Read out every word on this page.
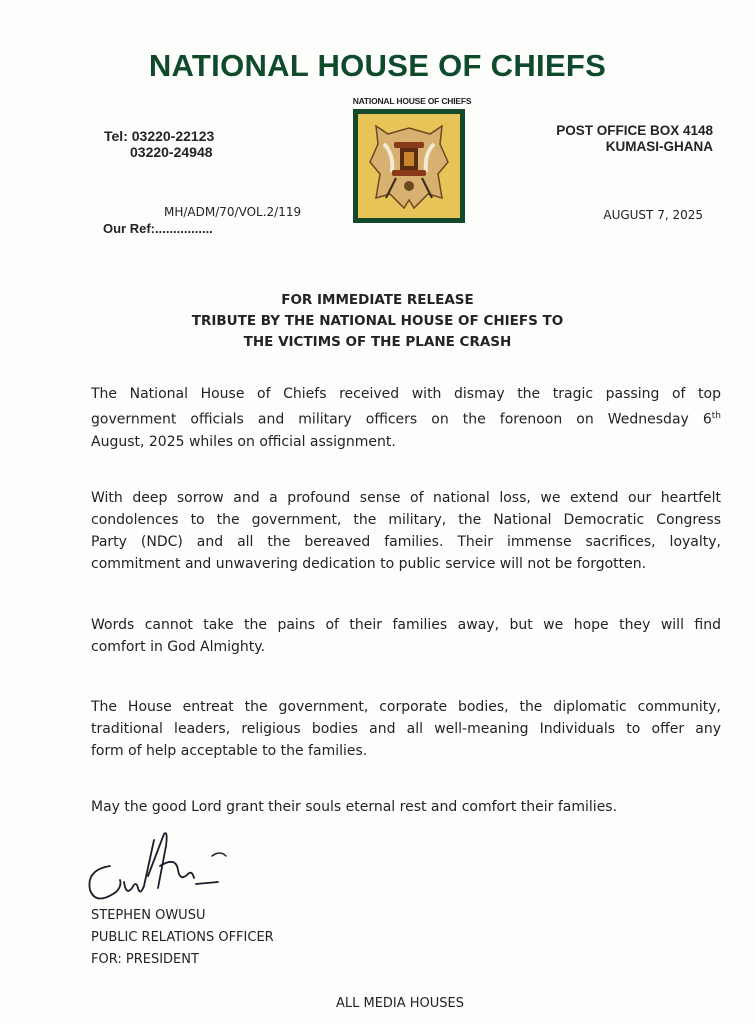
NATIONAL HOUSE OF CHIEFS
Tel: 03220-22123
03220-24948
POST OFFICE BOX 4148
KUMASI-GHANA
NATIONAL HOUSE OF CHIEFS
MH/ADM/70/VOL.2/119
Our Ref:................
AUGUST 7, 2025
FOR IMMEDIATE RELEASE
TRIBUTE BY THE NATIONAL HOUSE OF CHIEFS TO
THE VICTIMS OF THE PLANE CRASH
The National House of Chiefs received with dismay the tragic passing of top
government officials and military officers on the forenoon on Wednesday 6th
August, 2025 whiles on official assignment.
With deep sorrow and a profound sense of national loss, we extend our heartfelt
condolences to the government, the military, the National Democratic Congress
Party (NDC) and all the bereaved families. Their immense sacrifices, loyalty,
commitment and unwavering dedication to public service will not be forgotten.
Words cannot take the pains of their families away, but we hope they will find
comfort in God Almighty.
The House entreat the government, corporate bodies, the diplomatic community,
traditional leaders, religious bodies and all well-meaning Individuals to offer any
form of help acceptable to the families.
May the good Lord grant their souls eternal rest and comfort their families.
STEPHEN OWUSU
PUBLIC RELATIONS OFFICER
FOR: PRESIDENT
ALL MEDIA HOUSES
